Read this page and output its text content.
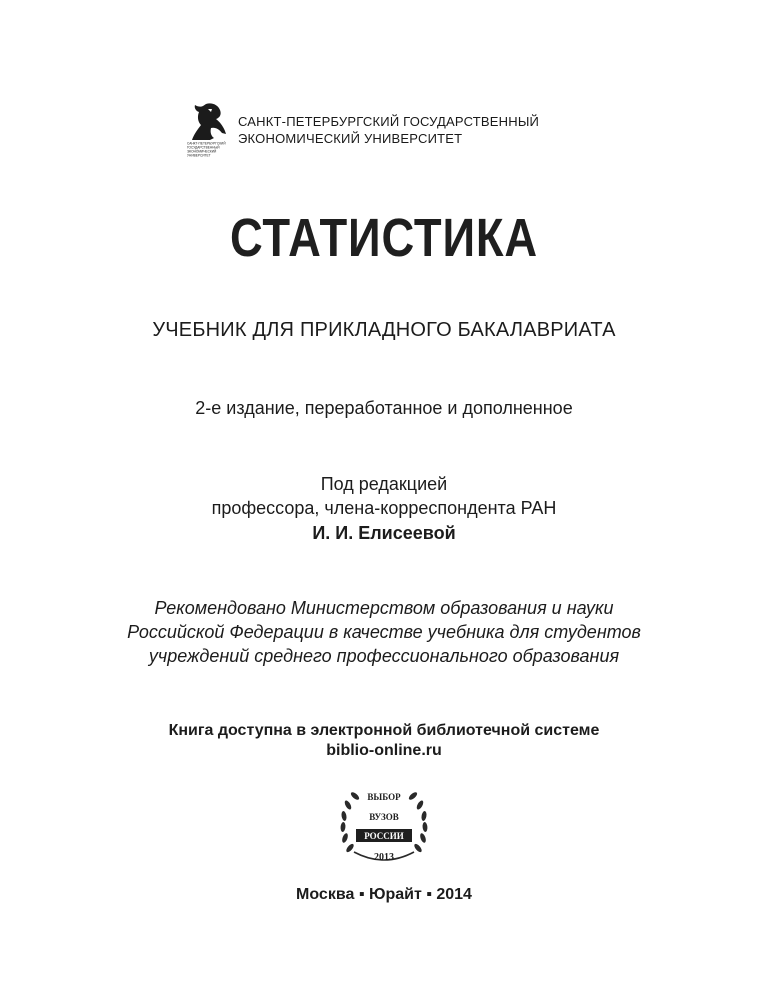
САНКТ-ПЕТЕРБУРГСКИЙ
ГОСУДАРСТВЕННЫЙ
ЭКОНОМИЧЕСКИЙ
УНИВЕРСИТЕТ
САНКТ-ПЕТЕРБУРГСКИЙ ГОСУДАРСТВЕННЫЙ
ЭКОНОМИЧЕСКИЙ УНИВЕРСИТЕТ
СТАТИСТИКА
УЧЕБНИК ДЛЯ ПРИКЛАДНОГО БАКАЛАВРИАТА
2-е издание, переработанное и дополненное
Под редакцией
профессора, члена-корреспондента РАН
И. И. Елисеевой
Рекомендовано Министерством образования и науки
Российской Федерации в качестве учебника для студентов
учреждений среднего профессионального образования
Книга доступна в электронной библиотечной системе
biblio-online.ru
ВЫБОР
ВУЗОВ
РОССИИ
2013
Москва ▪ Юрайт ▪ 2014
